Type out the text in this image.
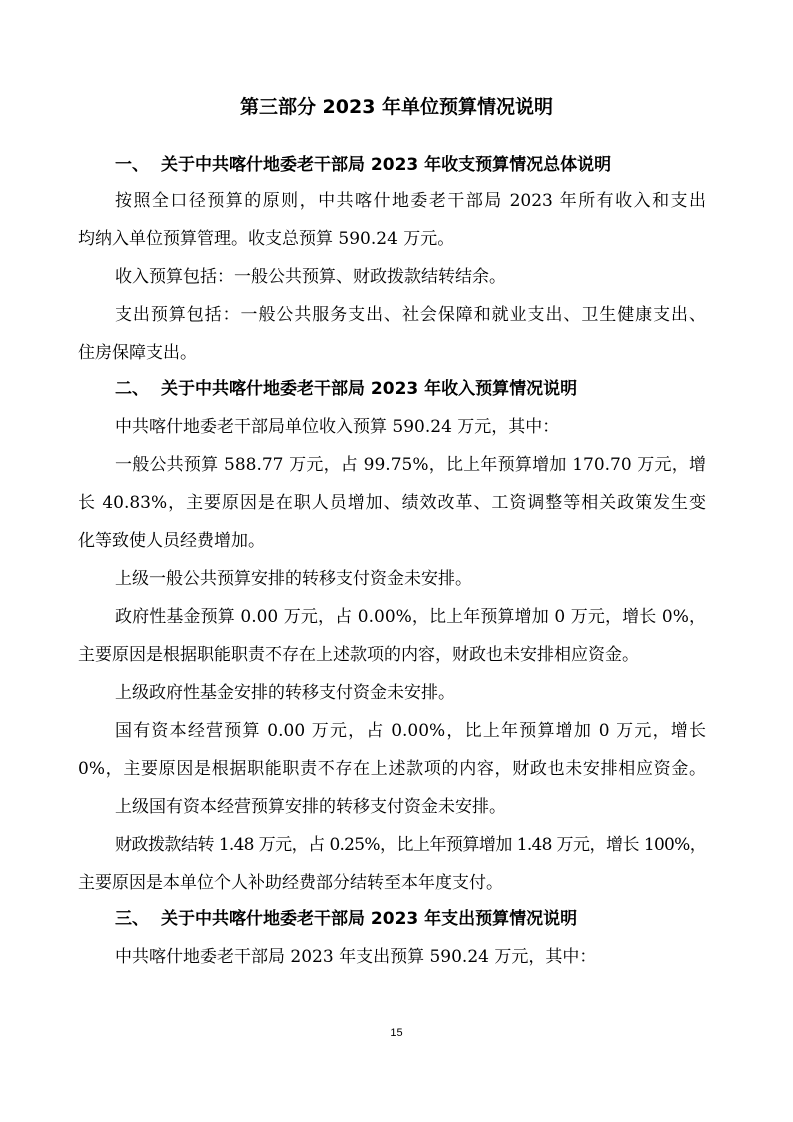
第三部分 2023 年单位预算情况说明
一、 关于中共喀什地委老干部局 2023 年收支预算情况总体说明
按照全口径预算的原则，中共喀什地委老干部局 2023 年所有收入和支出
均纳入单位预算管理。收支总预算 590.24 万元。
收入预算包括：一般公共预算、财政拨款结转结余。
支出预算包括：一般公共服务支出、社会保障和就业支出、卫生健康支出、
住房保障支出。
二、 关于中共喀什地委老干部局 2023 年收入预算情况说明
中共喀什地委老干部局单位收入预算 590.24 万元，其中：
一般公共预算 588.77 万元，占 99.75%，比上年预算增加 170.70 万元，增
长 40.83%，主要原因是在职人员增加、绩效改革、工资调整等相关政策发生变
化等致使人员经费增加。
上级一般公共预算安排的转移支付资金未安排。
政府性基金预算 0.00 万元，占 0.00%，比上年预算增加 0 万元，增长 0%，
主要原因是根据职能职责不存在上述款项的内容，财政也未安排相应资金。
上级政府性基金安排的转移支付资金未安排。
国有资本经营预算 0.00 万元，占 0.00%，比上年预算增加 0 万元，增长
0%，主要原因是根据职能职责不存在上述款项的内容，财政也未安排相应资金。
上级国有资本经营预算安排的转移支付资金未安排。
财政拨款结转 1.48 万元，占 0.25%，比上年预算增加 1.48 万元，增长 100%，
主要原因是本单位个人补助经费部分结转至本年度支付。
三、 关于中共喀什地委老干部局 2023 年支出预算情况说明
中共喀什地委老干部局 2023 年支出预算 590.24 万元，其中：
15
